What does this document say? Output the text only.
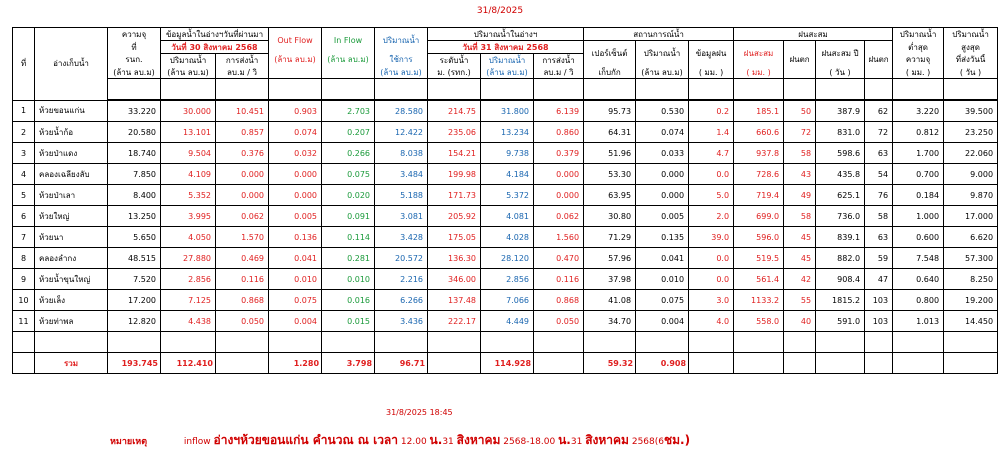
31/8/2025
ที่	อ่างเก็บน้ำ	ความจุ	ข้อมูลน้ำในอ่างฯวันที่ผ่านมา		Out Flow	In Flow	ปริมาณน้ำ	ปริมาณน้ำในอ่างฯ			สถานการณ์น้ำ			ฝนสะสม				ปริมาณน้ำ	ปริมาณน้ำ	
		ที่	วันที่ 30 สิงหาคม 2568					วันที่ 31 สิงหาคม 2568			เปอร์เซ็นต์	ปริมาณน้ำ	ข้อมูลฝน	ฝนสะสม	ฝนตก	ฝนสะสม ปี	ฝนตก	ต่ำสุด	สูงสุด	
		รนก.	ปริมาณน้ำ	การส่งน้ำ	(ล้าน ลบ.ม)	(ล้าน ลบ.ม)	ใช้การ	ระดับน้ำ	ปริมาณน้ำ	การส่งน้ำ								ความจุ	ที่ส่งวันนี้					
		(ล้าน ลบ.ม)	(ล้าน ลบ.ม)	ลบ.ม / วิ			(ล้าน ลบ.ม)	ม. (รทก.)	(ล้าน ลบ.ม)	ลบ.ม / วิ	เก็บกัก	(ล้าน ลบ.ม)	( มม. )	( มม. )		( วัน )		( มม. )	( วัน )		

1	ห้วยขอนแก่น	33.220	30.000	10.451	0.903	2.703	28.580	214.75	31.800	6.139	95.73	0.530	0.2	185.1	50	387.9	62	3.220	39.500	
2	ห้วยน้ำก้อ	20.580	13.101	0.857	0.074	0.207	12.422	235.06	13.234	0.860	64.31	0.074	1.4	660.6	72	831.0	72	0.812	23.250	
3	ห้วยป่าแดง	18.740	9.504	0.376	0.032	0.266	8.038	154.21	9.738	0.379	51.96	0.033	4.7	937.8	58	598.6	63	1.700	22.060	
4	คลองเฉลียงลับ	7.850	4.109	0.000	0.000	0.075	3.484	199.98	4.184	0.000	53.30	0.000	0.0	728.6	43	435.8	54	0.700	9.000	
5	ห้วยป่าเลา	8.400	5.352	0.000	0.000	0.020	5.188	171.73	5.372	0.000	63.95	0.000	5.0	719.4	49	625.1	76	0.184	9.870	
6	ห้วยใหญ่	13.250	3.995	0.062	0.005	0.091	3.081	205.92	4.081	0.062	30.80	0.005	2.0	699.0	58	736.0	58	1.000	17.000	
7	ห้วยนา	5.650	4.050	1.570	0.136	0.114	3.428	175.05	4.028	1.560	71.29	0.135	39.0	596.0	45	839.1	63	0.600	6.620	
8	คลองลำกง	48.515	27.880	0.469	0.041	0.281	20.572	136.30	28.120	0.470	57.96	0.041	0.0	519.5	45	882.0	59	7.548	57.300	
9	ห้วยน้ำขุนใหญ่	7.520	2.856	0.116	0.010	0.010	2.216	346.00	2.856	0.116	37.98	0.010	0.0	561.4	42	908.4	47	0.640	8.250	
10	ห้วยเล็ง	17.200	7.125	0.868	0.075	0.016	6.266	137.48	7.066	0.868	41.08	0.075	3.0	1133.2	55	1815.2	103	0.800	19.200	
11	ห้วยท่าพล	12.820	4.438	0.050	0.004	0.015	3.436	222.17	4.449	0.050	34.70	0.004	4.0	558.0	40	591.0	103	1.013	14.450	

	รวม	193.745	112.410		1.280	3.798	96.71		114.928		59.32	0.908								
31/8/2025 18:45
หมายเหตุ	inflow อ่างฯห้วยขอนแก่น คำนวณ ณ เวลา 12.00 น.31 สิงหาคม 2568-18.00 น.31 สิงหาคม 2568(6ชม.)
